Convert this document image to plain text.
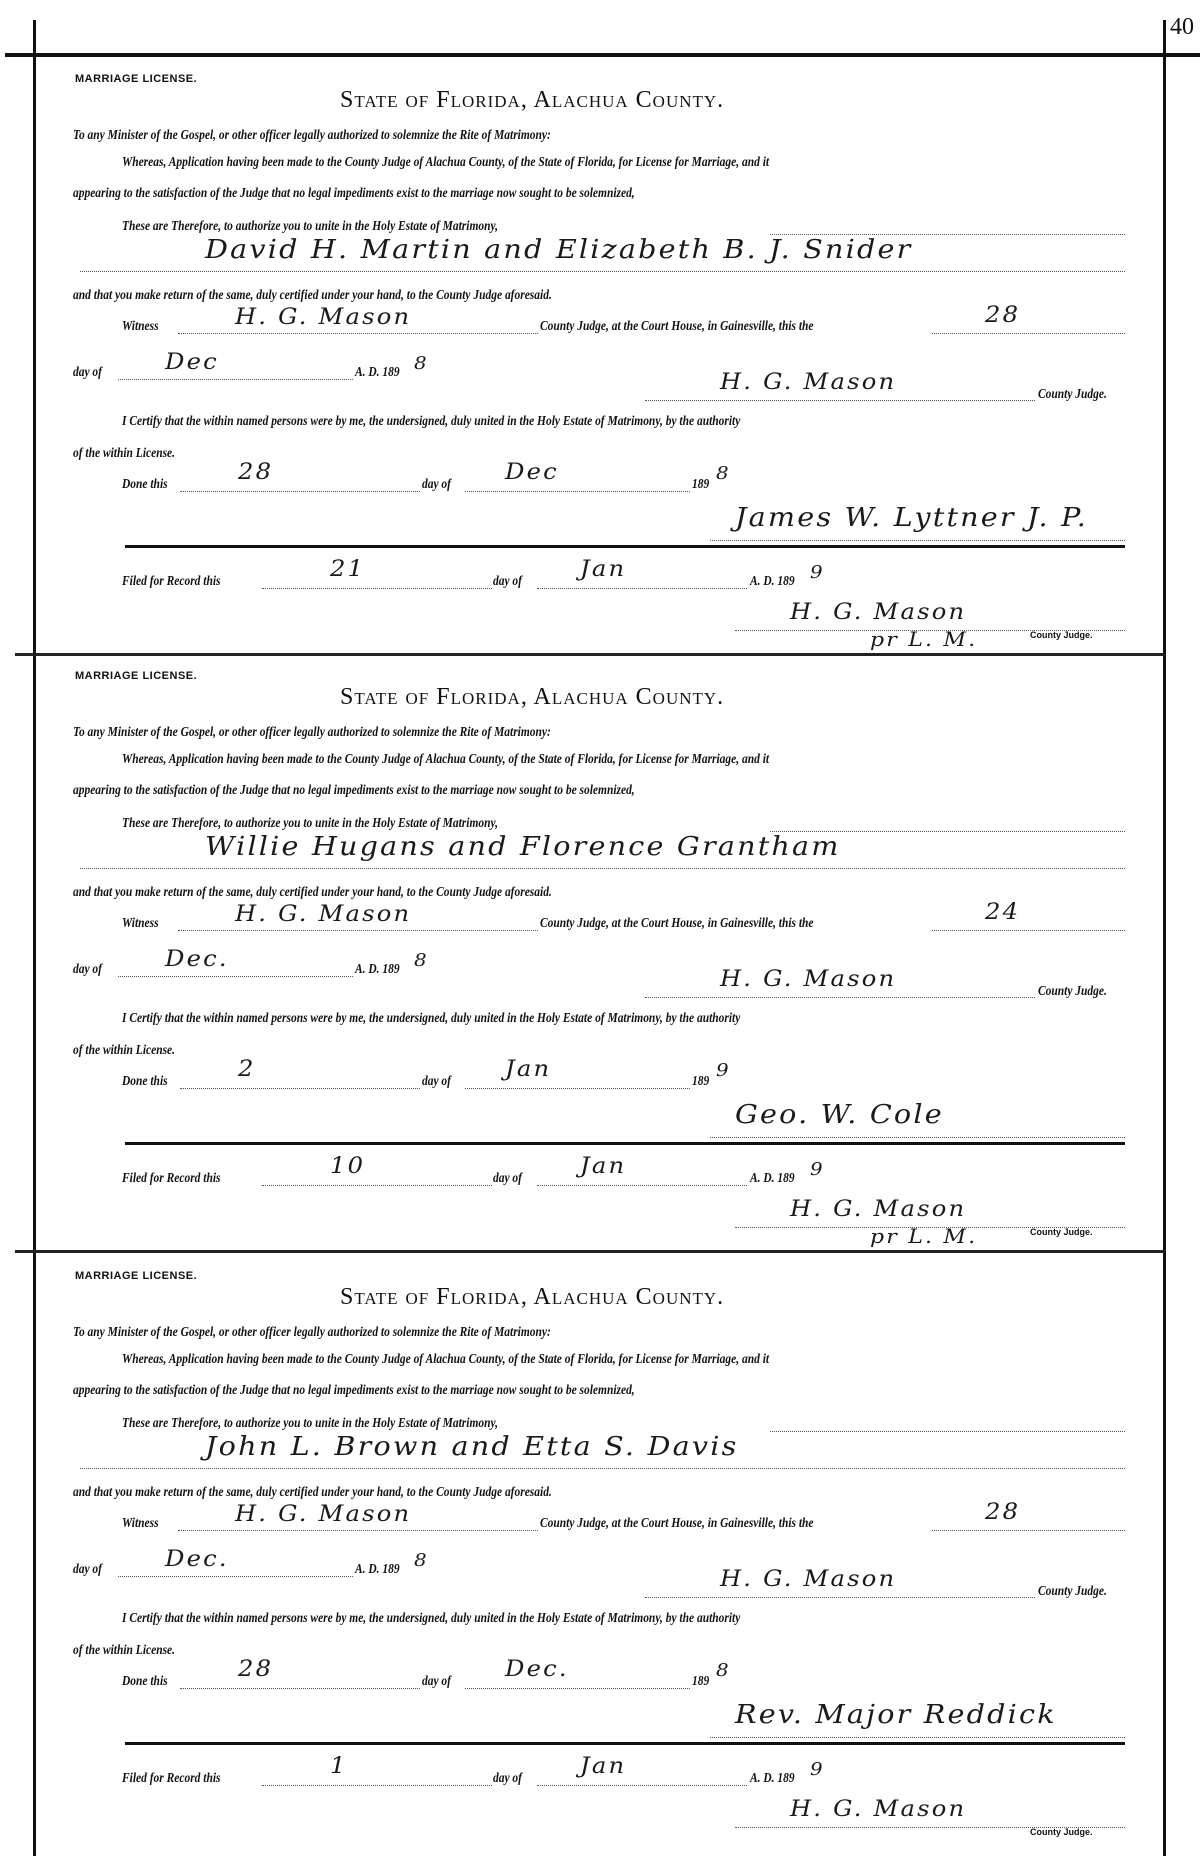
40
MARRIAGE LICENSE.
State of Florida, Alachua County.
To any Minister of the Gospel, or other officer legally authorized to solemnize the Rite of Matrimony:
Whereas, Application having been made to the County Judge of Alachua County, of the State of Florida, for License for Marriage, and it
appearing to the satisfaction of the Judge that no legal impediments exist to the marriage now sought to be solemnized,
These are Therefore, to authorize you to unite in the Holy Estate of Matrimony,
David H. Martin and Elizabeth B. J. Snider
and that you make return of the same, duly certified under your hand, to the County Judge aforesaid.
Witness	H. G. Mason	County Judge, at the Court House, in Gainesville, this the	28
day of	Dec	A. D. 189 8
H. G. Mason	County Judge.
I Certify that the within named persons were by me, the undersigned, duly united in the Holy Estate of Matrimony, by the authority
of the within License.
Done this	28	day of Dec	189 8
James W. Lyttner J. P.
Filed for Record this	21	day of	Jan	A. D. 189 9
H. G. Mason
pr L. M.	County Judge.
MARRIAGE LICENSE.
State of Florida, Alachua County.
To any Minister of the Gospel, or other officer legally authorized to solemnize the Rite of Matrimony:
Whereas, Application having been made to the County Judge of Alachua County, of the State of Florida, for License for Marriage, and it
appearing to the satisfaction of the Judge that no legal impediments exist to the marriage now sought to be solemnized,
These are Therefore, to authorize you to unite in the Holy Estate of Matrimony,
Willie Hugans and Florence Grantham
and that you make return of the same, duly certified under your hand, to the County Judge aforesaid.
Witness	H. G. Mason	County Judge, at the Court House, in Gainesville, this the	24
day of	Dec.	A. D. 189 8
H. G. Mason	County Judge.
I Certify that the within named persons were by me, the undersigned, duly united in the Holy Estate of Matrimony, by the authority
of the within License.
Done this	2	day of Jan	189 9
Geo. W. Cole
Filed for Record this	10	day of	Jan	A. D. 189 9
H. G. Mason
pr L. M.	County Judge.
MARRIAGE LICENSE.
State of Florida, Alachua County.
To any Minister of the Gospel, or other officer legally authorized to solemnize the Rite of Matrimony:
Whereas, Application having been made to the County Judge of Alachua County, of the State of Florida, for License for Marriage, and it
appearing to the satisfaction of the Judge that no legal impediments exist to the marriage now sought to be solemnized,
These are Therefore, to authorize you to unite in the Holy Estate of Matrimony,
John L. Brown and Etta S. Davis
and that you make return of the same, duly certified under your hand, to the County Judge aforesaid.
Witness	H. G. Mason	County Judge, at the Court House, in Gainesville, this the	28
day of	Dec.	A. D. 189 8
H. G. Mason	County Judge.
I Certify that the within named persons were by me, the undersigned, duly united in the Holy Estate of Matrimony, by the authority
of the within License.
Done this	28	day of Dec.	189 8
Rev. Major Reddick
Filed for Record this	1	day of	Jan	A. D. 189 9
H. G. Mason
County Judge.
